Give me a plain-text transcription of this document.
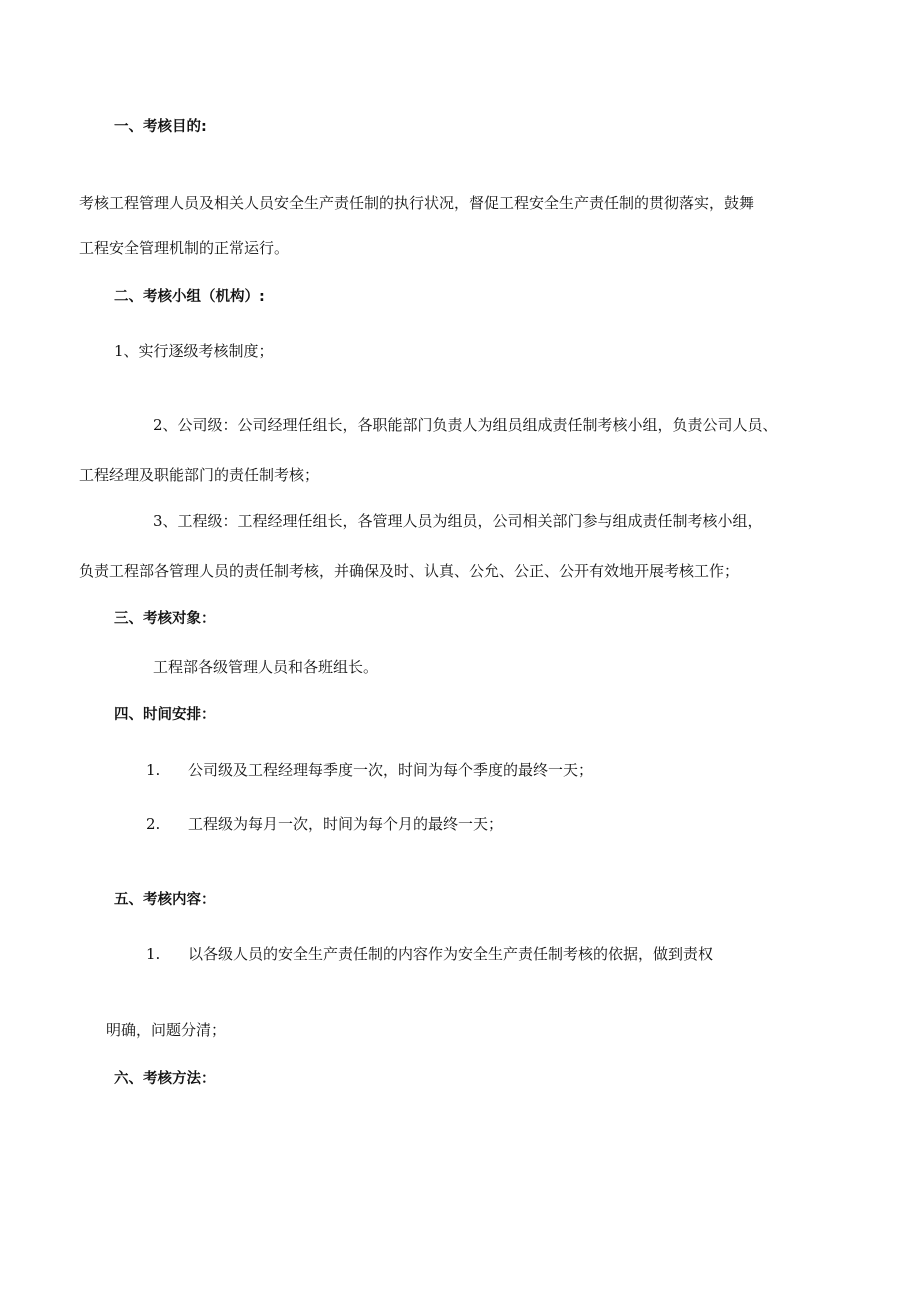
一、考核目的:
考核工程管理人员及相关人员安全生产责任制的执行状况，督促工程安全生产责任制的贯彻落实，鼓舞
工程安全管理机制的正常运行。
二、考核小组（机构）:
1、实行逐级考核制度；
2、公司级：公司经理任组长，各职能部门负责人为组员组成责任制考核小组，负责公司人员、
工程经理及职能部门的责任制考核；
3、工程级：工程经理任组长，各管理人员为组员，公司相关部门参与组成责任制考核小组，
负责工程部各管理人员的责任制考核，并确保及时、认真、公允、公正、公开有效地开展考核工作；
三、考核对象：
工程部各级管理人员和各班组长。
四、时间安排：
1. 公司级及工程经理每季度一次，时间为每个季度的最终一天；
2. 工程级为每月一次，时间为每个月的最终一天；
五、考核内容：
1. 以各级人员的安全生产责任制的内容作为安全生产责任制考核的依据，做到责权
明确，问题分清；
六、考核方法：
